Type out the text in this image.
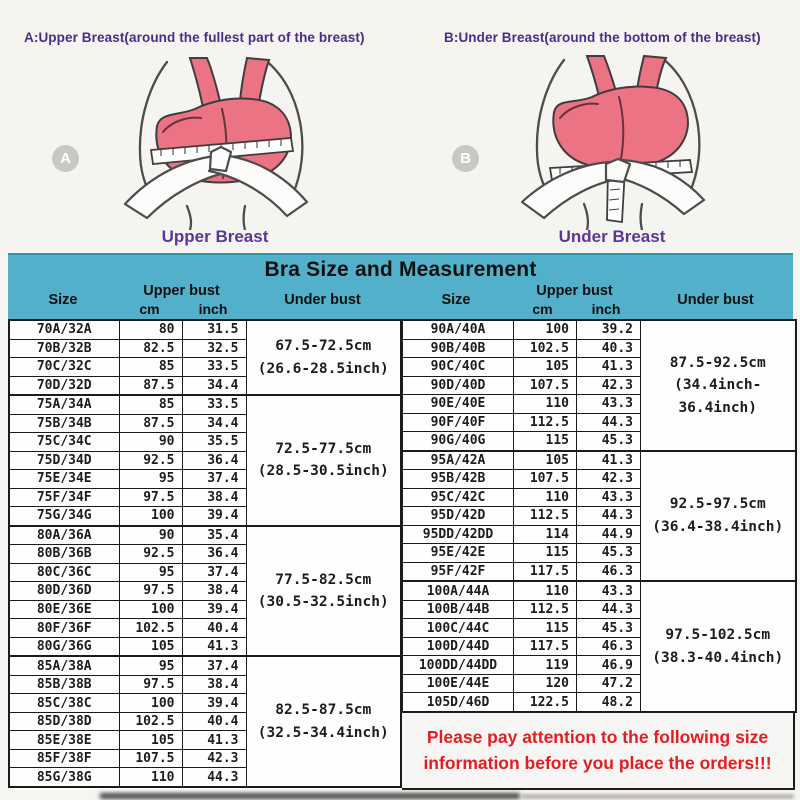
A:Upper Breast(around the fullest part of the breast)	B:Under Breast(around the bottom of the breast)
A	B
Upper Breast	Under Breast
Bra Size and Measurement
Size
Upper bust
cm	inch
Under bust	Size
Upper bust
cm	inch
Under bust
70A/32A	80	31.5	67.5-72.5cm
(26.6-28.5inch)

70B/32B	82.5	32.5	
70C/32C	85	33.5	
70D/32D	87.5	34.4	
75A/34A	85	33.5	72.5-77.5cm
(28.5-30.5inch)

75B/34B	87.5	34.4	
75C/34C	90	35.5	
75D/34D	92.5	36.4	
75E/34E	95	37.4	
75F/34F	97.5	38.4	
75G/34G	100	39.4	
80A/36A	90	35.4	77.5-82.5cm
(30.5-32.5inch)

80B/36B	92.5	36.4	
80C/36C	95	37.4	
80D/36D	97.5	38.4	
80E/36E	100	39.4	
80F/36F	102.5	40.4	
80G/36G	105	41.3	
85A/38A	95	37.4	82.5-87.5cm
(32.5-34.4inch)

85B/38B	97.5	38.4	
85C/38C	100	39.4	
85D/38D	102.5	40.4	
85E/38E	105	41.3	
85F/38F	107.5	42.3	
85G/38G	110	44.3	
90A/40A	100	39.2	87.5-92.5cm
(34.4inch-36.4inch)

90B/40B	102.5	40.3	
90C/40C	105	41.3	
90D/40D	107.5	42.3	
90E/40E	110	43.3	
90F/40F	112.5	44.3	
90G/40G	115	45.3	
95A/42A	105	41.3	92.5-97.5cm
(36.4-38.4inch)

95B/42B	107.5	42.3	
95C/42C	110	43.3	
95D/42D	112.5	44.3	
95DD/42DD	114	44.9	
95E/42E	115	45.3	
95F/42F	117.5	46.3	
100A/44A	110	43.3	97.5-102.5cm
(38.3-40.4inch)

100B/44B	112.5	44.3	
100C/44C	115	45.3	
100D/44D	117.5	46.3	
100DD/44DD	119	46.9	
100E/44E	120	47.2	
105D/46D	122.5	48.2	
Please pay attention to the following size information before you place the orders!!!
